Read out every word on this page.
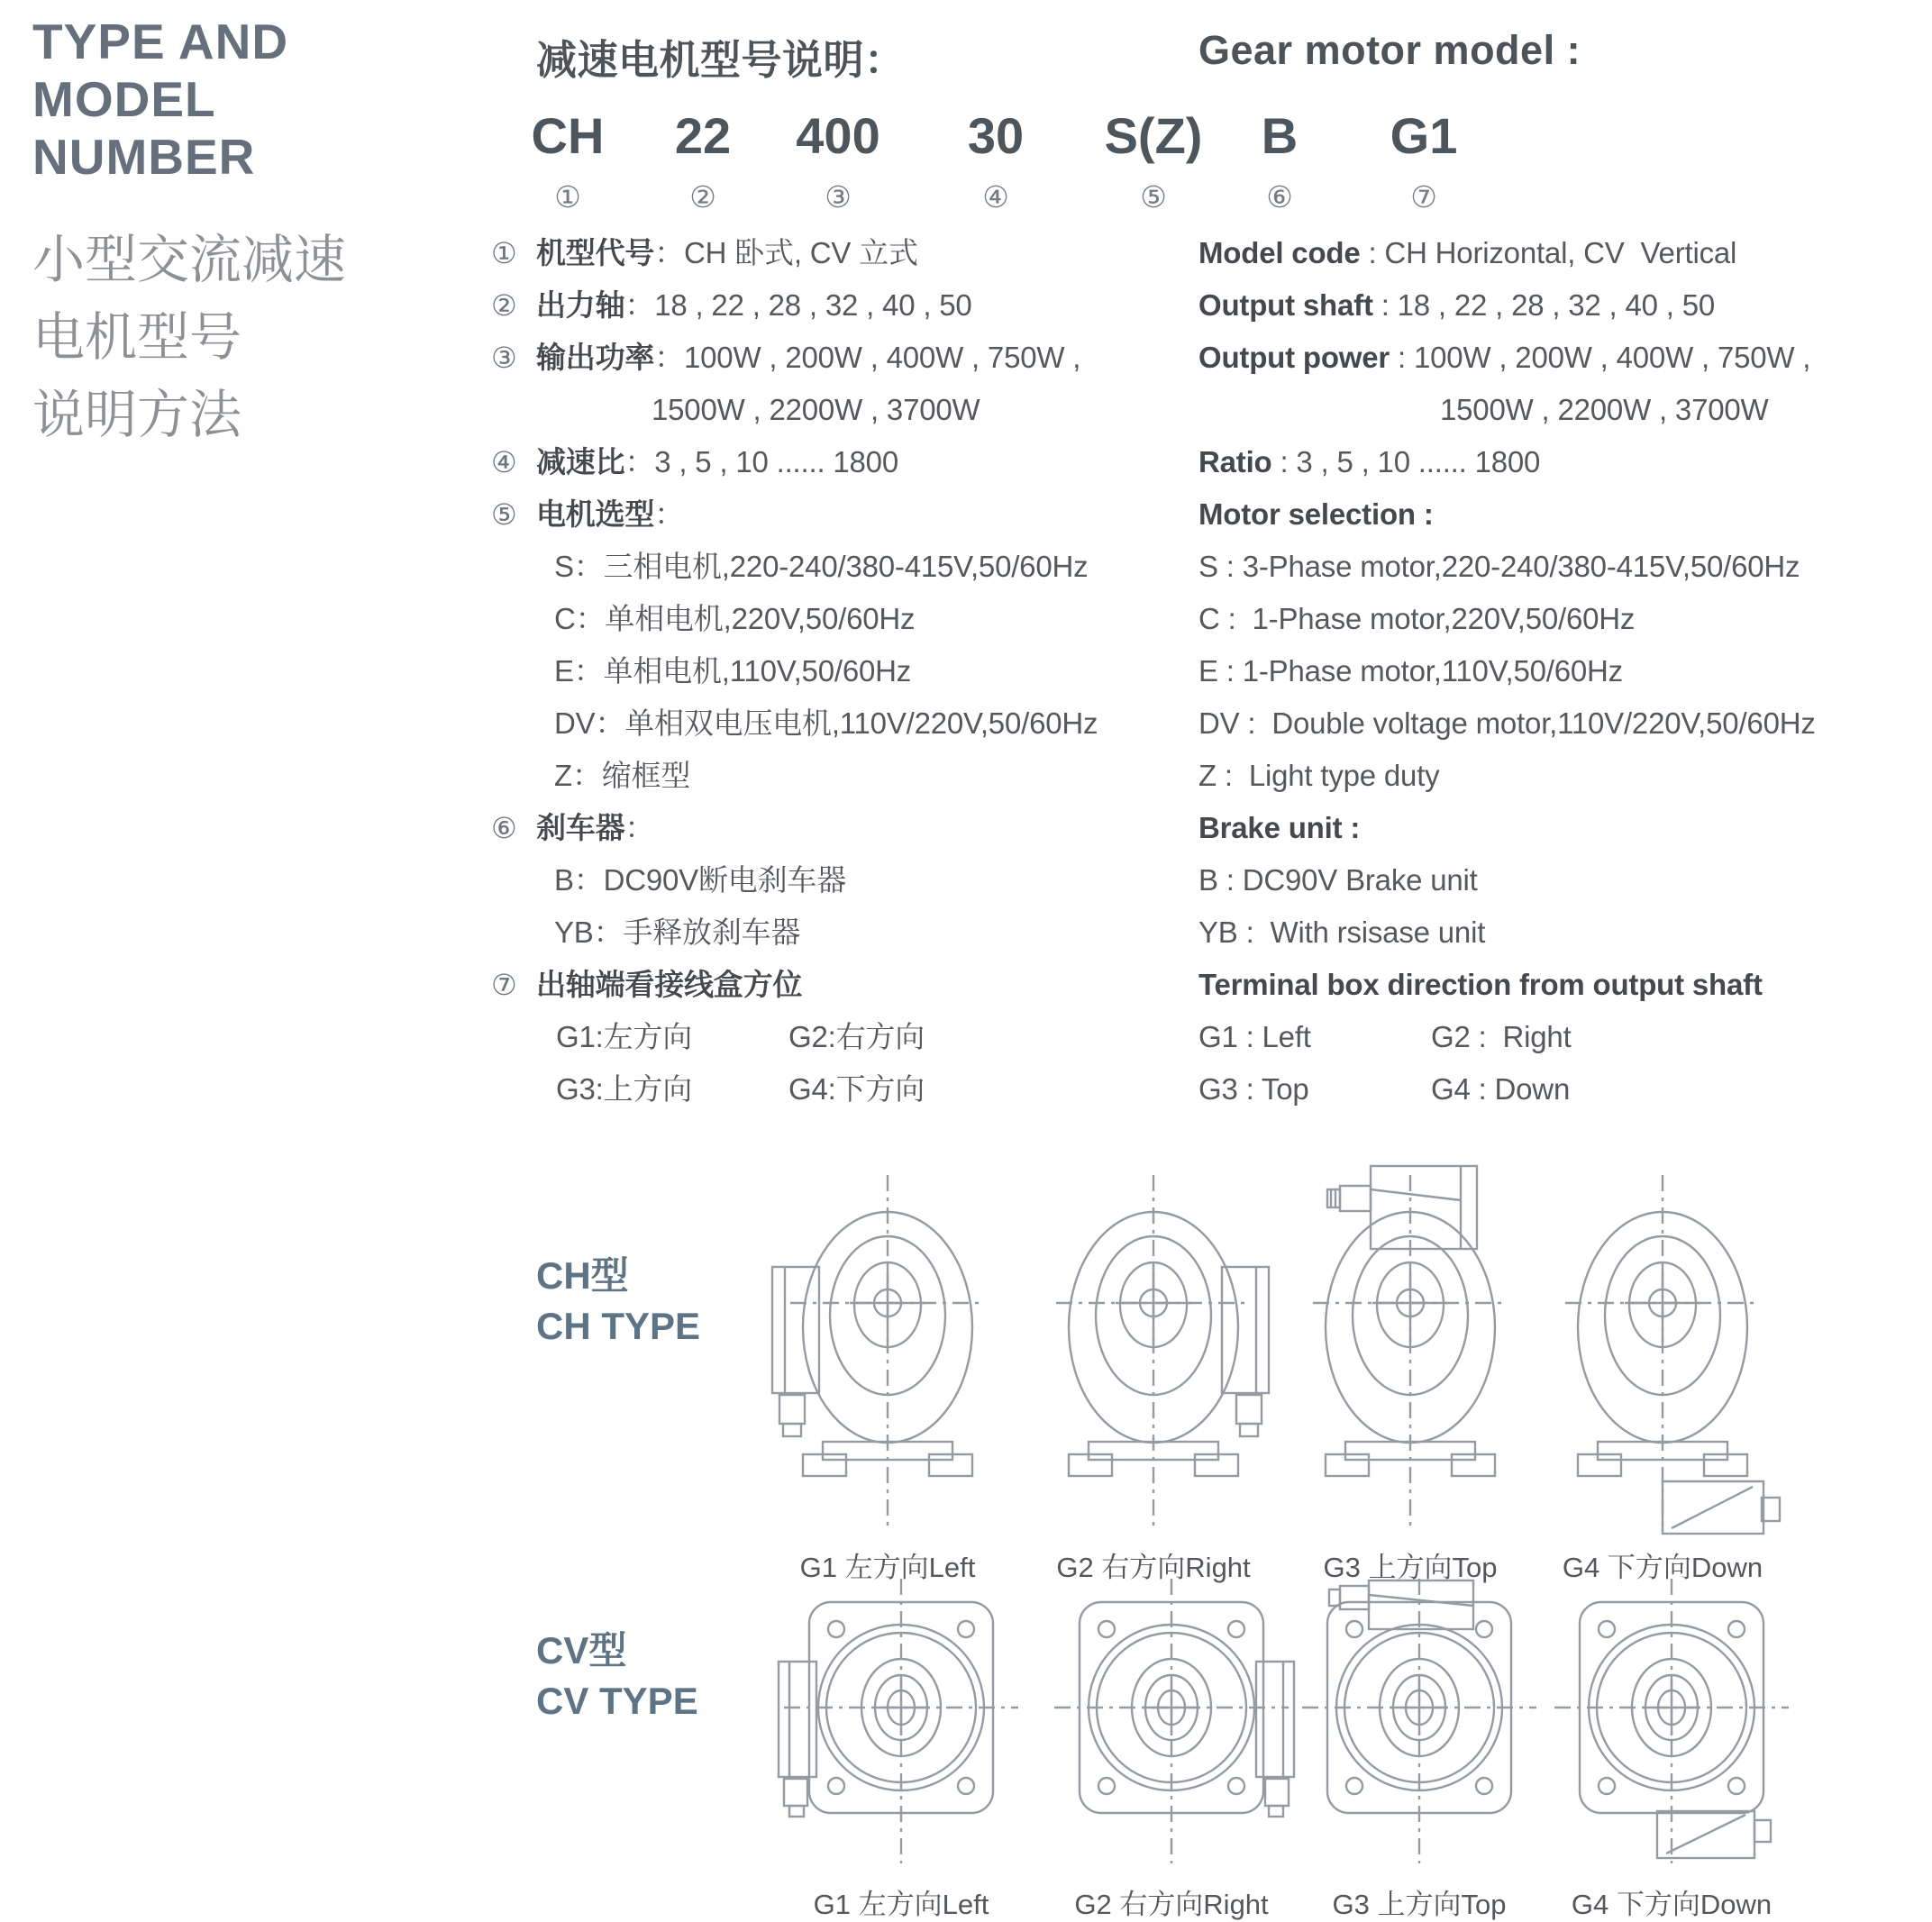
TYPE AND
MODEL
NUMBER
小型交流减速
电机型号
说明方法
减速电机型号说明：	Gear motor model :
CH
①
22
②
400
③
30
④
S(Z)
⑤
B
⑥
G1
⑦
① 机型代号 ：CH 卧式, CV 立式
② 出力轴 ：18 , 22 , 28 , 32 , 40 , 50
③ 输出功率 ：100W , 200W , 400W , 750W ,
1500W , 2200W , 3700W
④ 减速比 ：3 , 5 , 10 ...... 1800
⑤ 电机选型 ：
S：三相电机,220-240/380-415V,50/60Hz
C：单相电机,220V,50/60Hz
E：单相电机,110V,50/60Hz
DV：单相双电压电机,110V/220V,50/60Hz
Z：缩框型
⑥ 刹车器 ：
B：DC90V断电刹车器
YB：手释放刹车器
⑦ 出轴端看接线盒方位
G1:左方向	G2:右方向
G3:上方向	G4:下方向
Model code : CH Horizontal, CV  Vertical
Output shaft : 18 , 22 , 28 , 32 , 40 , 50
Output power : 100W , 200W , 400W , 750W ,
1500W , 2200W , 3700W
Ratio : 3 , 5 , 10 ...... 1800
Motor selection :
S : 3-Phase motor,220-240/380-415V,50/60Hz
C :  1-Phase motor,220V,50/60Hz
E : 1-Phase motor,110V,50/60Hz
DV :  Double voltage motor,110V/220V,50/60Hz
Z :  Light type duty
Brake unit :
B : DC90V Brake unit
YB :  With rsisase unit
Terminal box direction from output shaft
G1 : Left	G2 :  Right
G3 : Top	G4 : Down
CH型
CH TYPE
G1 左方向Left	G2 右方向Right	G3 上方向Top	G4 下方向Down
CV型
CV TYPE
G1 左方向Left	G2 右方向Right	G3 上方向Top	G4 下方向Down
